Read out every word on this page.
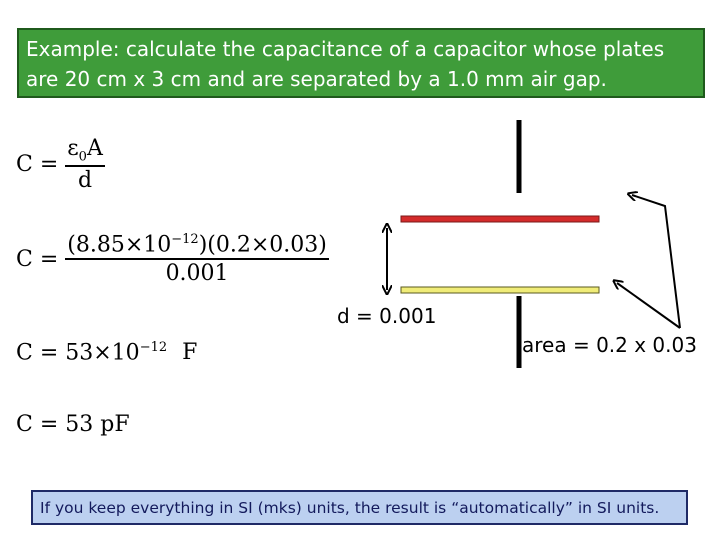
Example: calculate the capacitance of a capacitor whose plates
are 20 cm x 3 cm and are separated by a 1.0 mm air gap.
$C = \frac{\varepsilon_0A}{d}$
$C = \frac{(8.85\times 10^{-12})(0.2\times 0.03)}{0.001}$
$C = 53\times 10^{-12}$ F
C = 53 pF
d = 0.001
area = 0.2 x 0.03
If you keep everything in SI (mks) units, the result is “automatically” in SI units.
